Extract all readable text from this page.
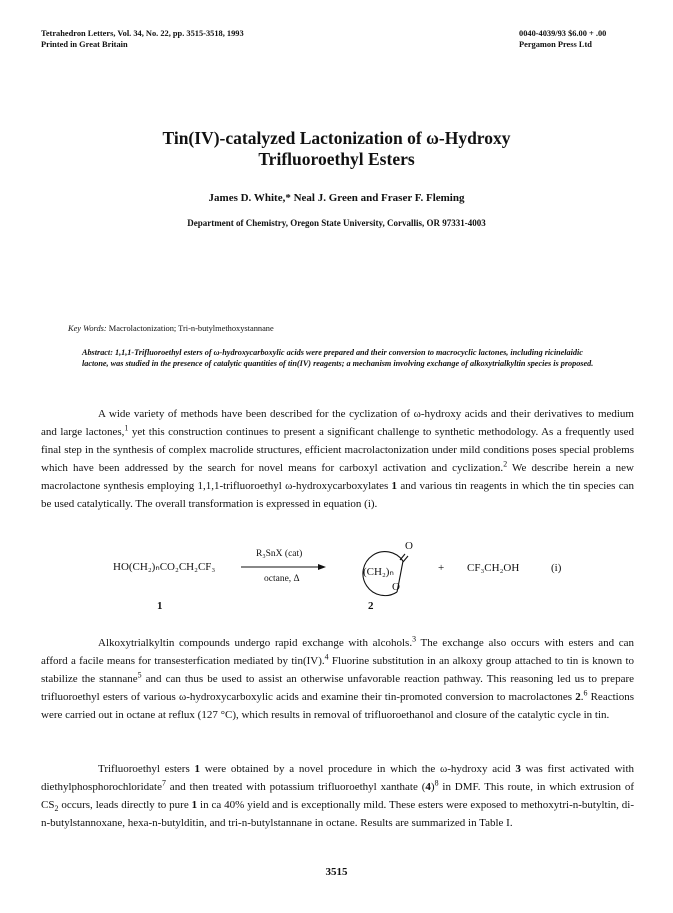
Tetrahedron Letters, Vol. 34, No. 22, pp. 3515-3518, 1993
Printed in Great Britain
0040-4039/93 $6.00 + .00
Pergamon Press Ltd
Tin(IV)-catalyzed Lactonization of ω-Hydroxy
Trifluoroethyl Esters
James D. White,* Neal J. Green and Fraser F. Fleming
Department of Chemistry, Oregon State University, Corvallis, OR 97331-4003
Key Words: Macrolactonization; Tri-n-butylmethoxystannane
Abstract: 1,1,1-Trifluoroethyl esters of ω-hydroxycarboxylic acids were prepared and their conversion to macrocyclic lactones, including ricinelaidic lactone, was studied in the presence of catalytic quantities of tin(IV) reagents; a mechanism involving exchange of alkoxytrialkyltin species is proposed.

A wide variety of methods have been described for the cyclization of ω-hydroxy acids and their derivatives to medium and large lactones,$^1$ yet this construction continues to present a significant challenge to synthetic methodology. As a frequently used final step in the synthesis of complex macrolide structures, efficient macrolactonization under mild conditions poses special problems which have been addressed by the search for novel means for carboxyl activation and cyclization.$^2$ We describe herein a new macrolactone synthesis employing 1,1,1-trifluoroethyl ω-hydroxycarboxylates 1 and various tin reagents in which the tin species can be used catalytically. The overall transformation is expressed in equation (i).

HO(CH₂)ₙCO₂CH₂CF₃
R₃SnX (cat)
octane, Δ
O
(CH₂)ₙ
O
+ CF₃CH₂OH	(i)
1	2

Alkoxytrialkyltin compounds undergo rapid exchange with alcohols.$^3$ The exchange also occurs with esters and can afford a facile means for transesterfication mediated by tin(IV).$^4$ Fluorine substitution in an alkoxy group attached to tin is known to stabilize the stannane$^5$ and can thus be used to assist an otherwise unfavorable reaction pathway. This reasoning led us to prepare trifluoroethyl esters of various ω-hydroxycarboxylic acids and examine their tin-promoted conversion to macrolactones 2.$^6$ Reactions were carried out in octane at reflux (127 °C), which results in removal of trifluoroethanol and closure of the catalytic cycle in tin.

Trifluoroethyl esters 1 were obtained by a novel procedure in which the ω-hydroxy acid 3 was first activated with diethylphosphorochloridate$^7$ and then treated with potassium trifluoroethyl xanthate $(4)^8$ in DMF. This route, in which extrusion of $CS_2$ occurs, leads directly to pure 1 in ca 40% yield and is exceptionally mild. These esters were exposed to methoxytri-n-butyltin, di-n-butylstannoxane, hexa-n-butylditin, and tri-n-butylstannane in octane. Results are summarized in Table I.

3515
